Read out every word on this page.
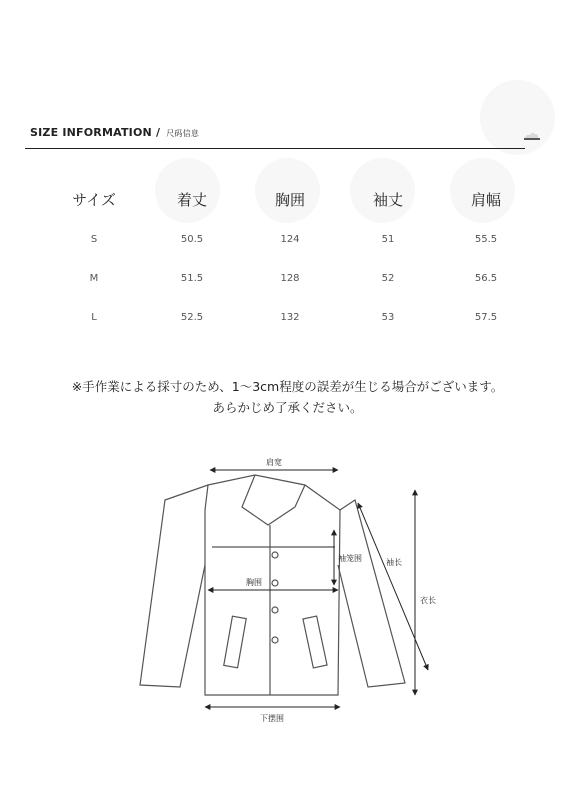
SIZE INFORMATION / 尺码信息
サイズ	着丈	胸囲	袖丈	肩幅
S	50.5	124	51	55.5
M	51.5	128	52	56.5
L	52.5	132	53	57.5
※手作業による採寸のため、1〜3cm程度の誤差が生じる場合がございます。
あらかじめ了承ください。
肩宽
胸围
下摆围
袖笼围	袖长
衣长
